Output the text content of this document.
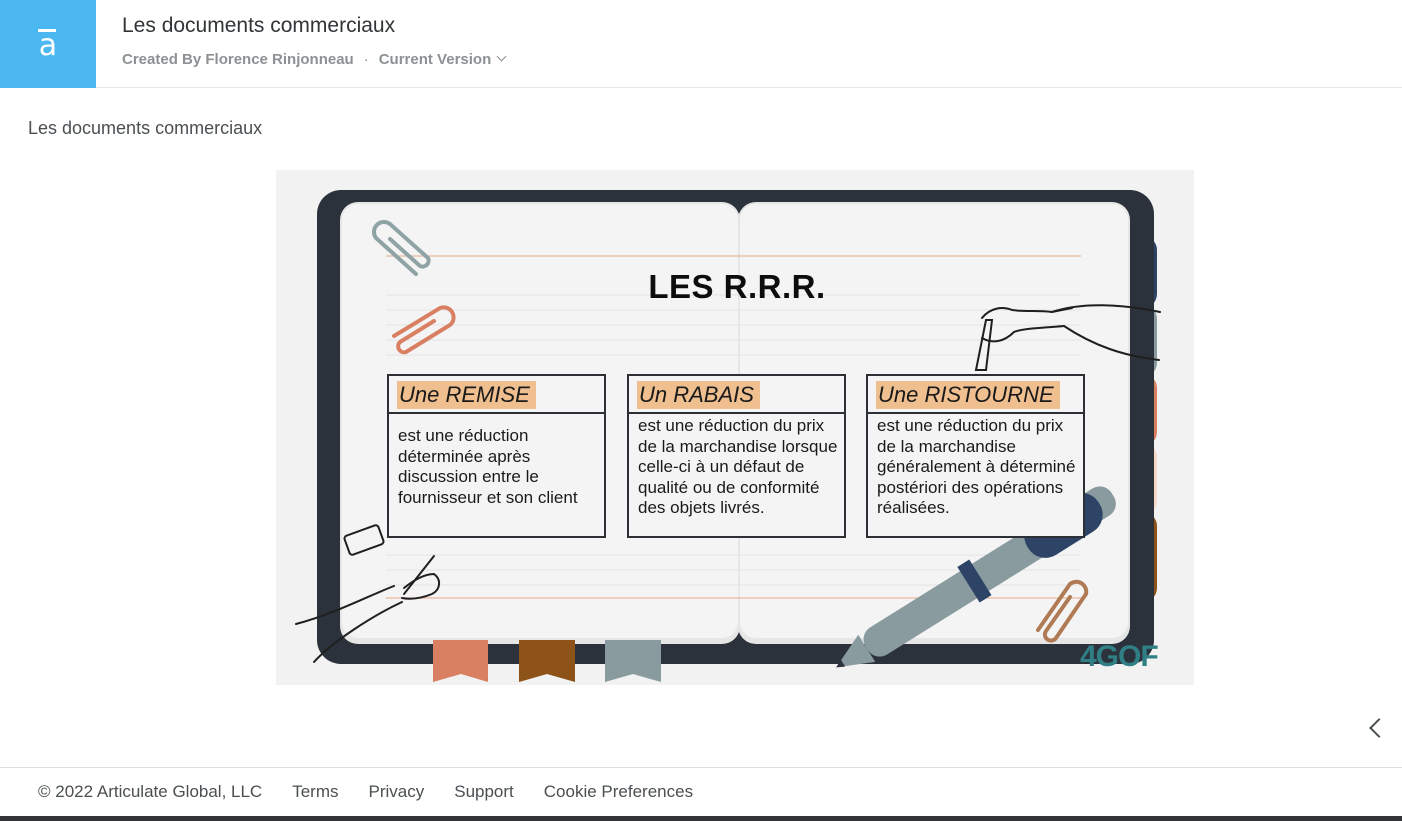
a
Les documents commerciaux
Created By Florence Rinjonneau · Current Version
Les documents commerciaux
LES R.R.R.
Une REMISE
est une réduction déterminée après discussion entre le fournisseur et son client
Un RABAIS
est une réduction du prix de la marchandise lorsque celle-ci à un défaut de qualité ou de conformité des objets livrés.
Une RISTOURNE
est une réduction du prix de la marchandise généralement à déterminé postériori des opérations réalisées.
4GOF
© 2022 Articulate Global, LLC Terms Privacy Support Cookie Preferences
